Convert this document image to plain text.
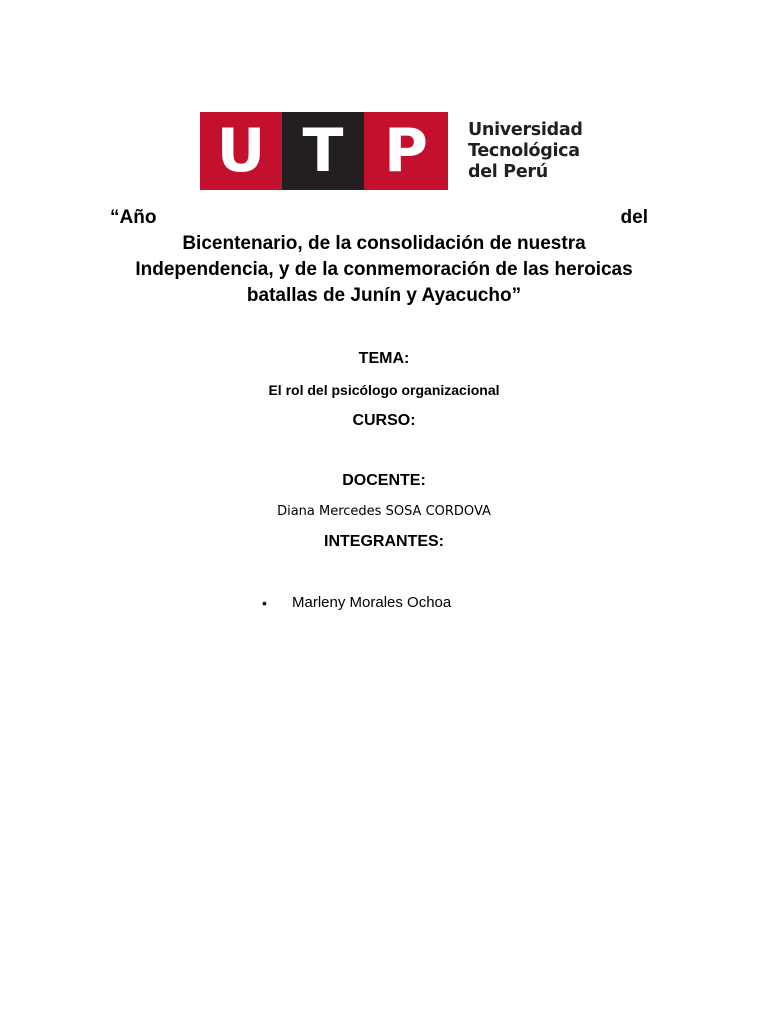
U T P	Universidad
Tecnológica
del Perú
“Año	del
Bicentenario, de la consolidación de nuestra
Independencia, y de la conmemoración de las heroicas
batallas de Junín y Ayacucho”
TEMA:
El rol del psicólogo organizacional
CURSO:
DOCENTE:
Diana Mercedes SOSA CORDOVA
INTEGRANTES:
•	Marleny Morales Ochoa
